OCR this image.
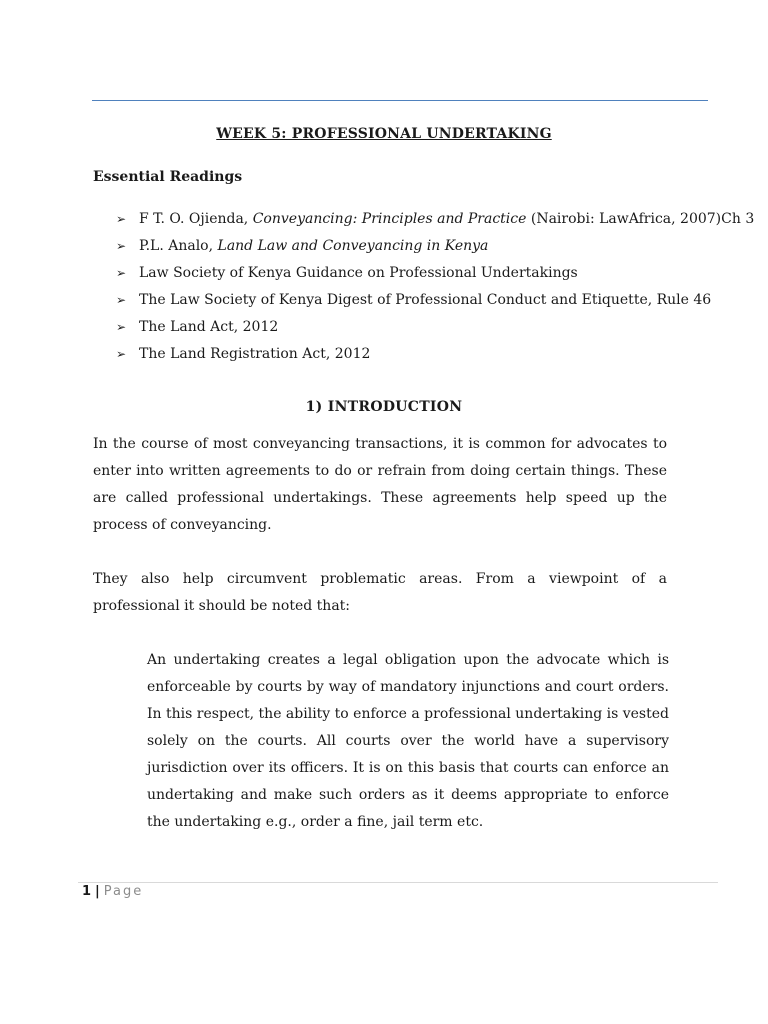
WEEK 5: PROFESSIONAL UNDERTAKING
Essential Readings
➢ F T. O. Ojienda, Conveyancing: Principles and Practice (Nairobi: LawAfrica, 2007)Ch 3
➢ P.L. Analo, Land Law and Conveyancing in Kenya
➢ Law Society of Kenya Guidance on Professional Undertakings
➢ The Law Society of Kenya Digest of Professional Conduct and Etiquette, Rule 46
➢ The Land Act, 2012
➢ The Land Registration Act, 2012
1) INTRODUCTION

In the course of most conveyancing transactions, it is common for advocates to enter into written agreements to do or refrain from doing certain things. These are called professional undertakings. These agreements help speed up the process of conveyancing.

They also help circumvent problematic areas. From a viewpoint of a professional it should be noted that:

An undertaking creates a legal obligation upon the advocate which is enforceable by courts by way of mandatory injunctions and court orders. In this respect, the ability to enforce a professional undertaking is vested solely on the courts. All courts over the world have a supervisory jurisdiction over its officers. It is on this basis that courts can enforce an undertaking and make such orders as it deems appropriate to enforce the undertaking e.g., order a fine, jail term etc.

1 | Page
